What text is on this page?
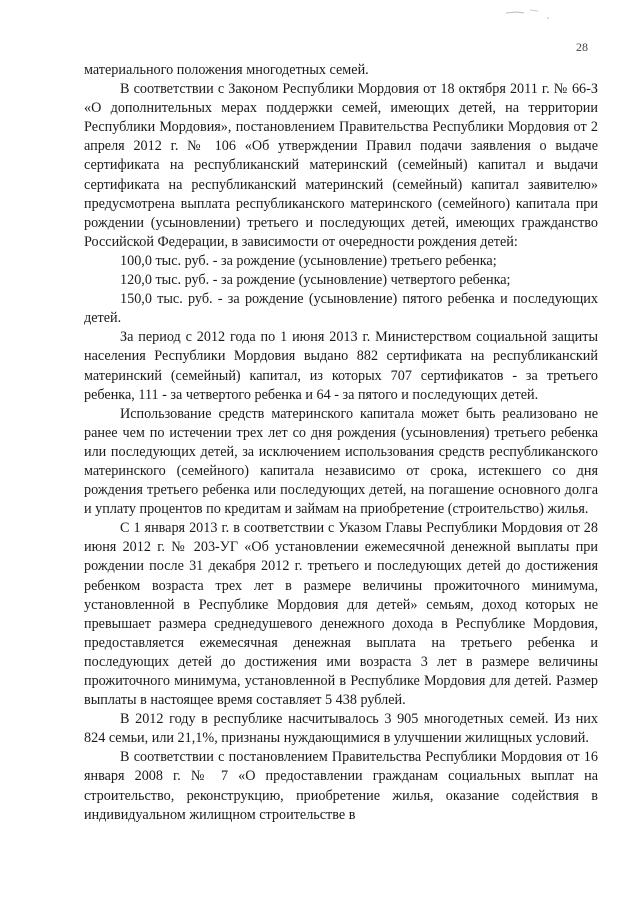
28

материального положения многодетных семей.

В соответствии с Законом Республики Мордовия от 18 октября 2011 г. № 66-З «О дополнительных мерах поддержки семей, имеющих детей, на территории Республики Мордовия», постановлением Правительства Республики Мордовия от 2 апреля 2012 г. № 106 «Об утверждении Правил подачи заявления о выдаче сертификата на республиканский материнский (семейный) капитал и выдачи сертификата на республиканский материнский (семейный) капитал заявителю» предусмотрена выплата республиканского материнского (семейного) капитала при рождении (усыновлении) третьего и последующих детей, имеющих гражданство Российской Федерации, в зависимости от очередности рождения детей:

100,0 тыс. руб. - за рождение (усыновление) третьего ребенка;

120,0 тыс. руб. - за рождение (усыновление) четвертого ребенка;

150,0 тыс. руб. - за рождение (усыновление) пятого ребенка и последующих детей.

За период с 2012 года по 1 июня 2013 г. Министерством социальной защиты населения Республики Мордовия выдано 882 сертификата на республиканский материнский (семейный) капитал, из которых 707 сертификатов - за третьего ребенка, 111 - за четвертого ребенка и 64 - за пятого и последующих детей.

Использование средств материнского капитала может быть реализовано не ранее чем по истечении трех лет со дня рождения (усыновления) третьего ребенка или последующих детей, за исключением использования средств республиканского материнского (семейного) капитала независимо от срока, истекшего со дня рождения третьего ребенка или последующих детей, на погашение основного долга и уплату процентов по кредитам и займам на приобретение (строительство) жилья.

С 1 января 2013 г. в соответствии с Указом Главы Республики Мордовия от 28 июня 2012 г. № 203-УГ «Об установлении ежемесячной денежной выплаты при рождении после 31 декабря 2012 г. третьего и последующих детей до достижения ребенком возраста трех лет в размере величины прожиточного минимума, установленной в Республике Мордовия для детей» семьям, доход которых не превышает размера среднедушевого денежного дохода в Республике Мордовия, предоставляется ежемесячная денежная выплата на третьего ребенка и последующих детей до достижения ими возраста 3 лет в размере величины прожиточного минимума, установленной в Республике Мордовия для детей. Размер выплаты в настоящее время составляет 5 438 рублей.

В 2012 году в республике насчитывалось 3 905 многодетных семей. Из них 824 семьи, или 21,1%, признаны нуждающимися в улучшении жилищных условий.

В соответствии с постановлением Правительства Республики Мордовия от 16 января 2008 г. № 7 «О предоставлении гражданам социальных выплат на строительство, реконструкцию, приобретение жилья, оказание содействия в индивидуальном жилищном строительстве в
